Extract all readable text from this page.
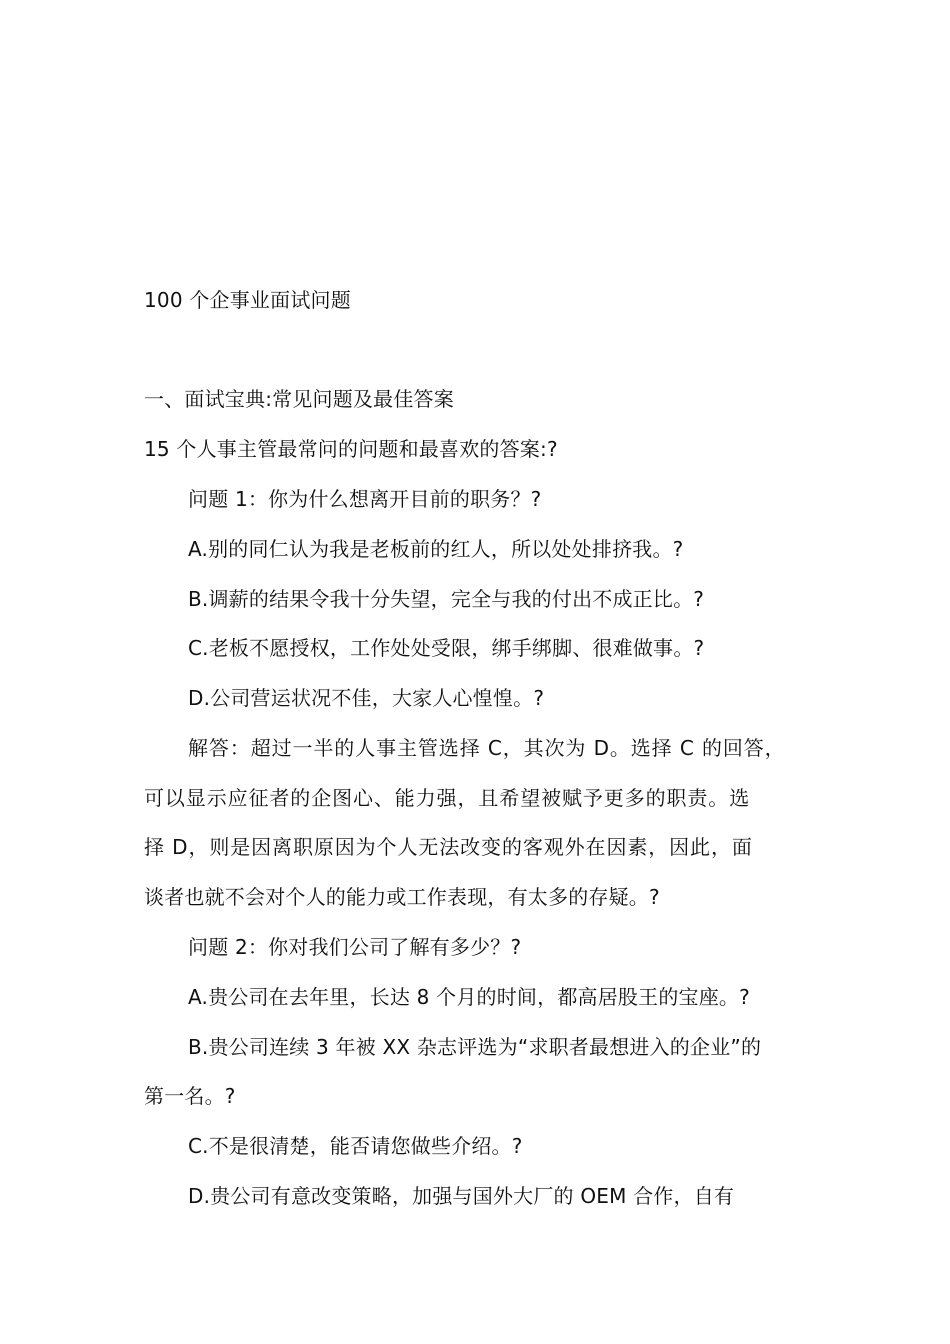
100 个企事业面试问题
一、面试宝典:常见问题及最佳答案
15 个人事主管最常问的问题和最喜欢的答案:?
问题 1：你为什么想离开目前的职务？?
A.别的同仁认为我是老板前的红人，所以处处排挤我。?
B.调薪的结果令我十分失望，完全与我的付出不成正比。?
C.老板不愿授权，工作处处受限，绑手绑脚、很难做事。?
D.公司营运状况不佳，大家人心惶惶。?
解答：超过一半的人事主管选择 C，其次为 D。选择 C 的回答，
可以显示应征者的企图心、能力强，且希望被赋予更多的职责。选
择 D，则是因离职原因为个人无法改变的客观外在因素，因此，面
谈者也就不会对个人的能力或工作表现，有太多的存疑。?
问题 2：你对我们公司了解有多少？?
A.贵公司在去年里，长达 8 个月的时间，都高居股王的宝座。?
B.贵公司连续 3 年被 XX 杂志评选为“求职者最想进入的企业”的
第一名。?
C.不是很清楚，能否请您做些介绍。?
D.贵公司有意改变策略，加强与国外大厂的 OEM 合作，自有
